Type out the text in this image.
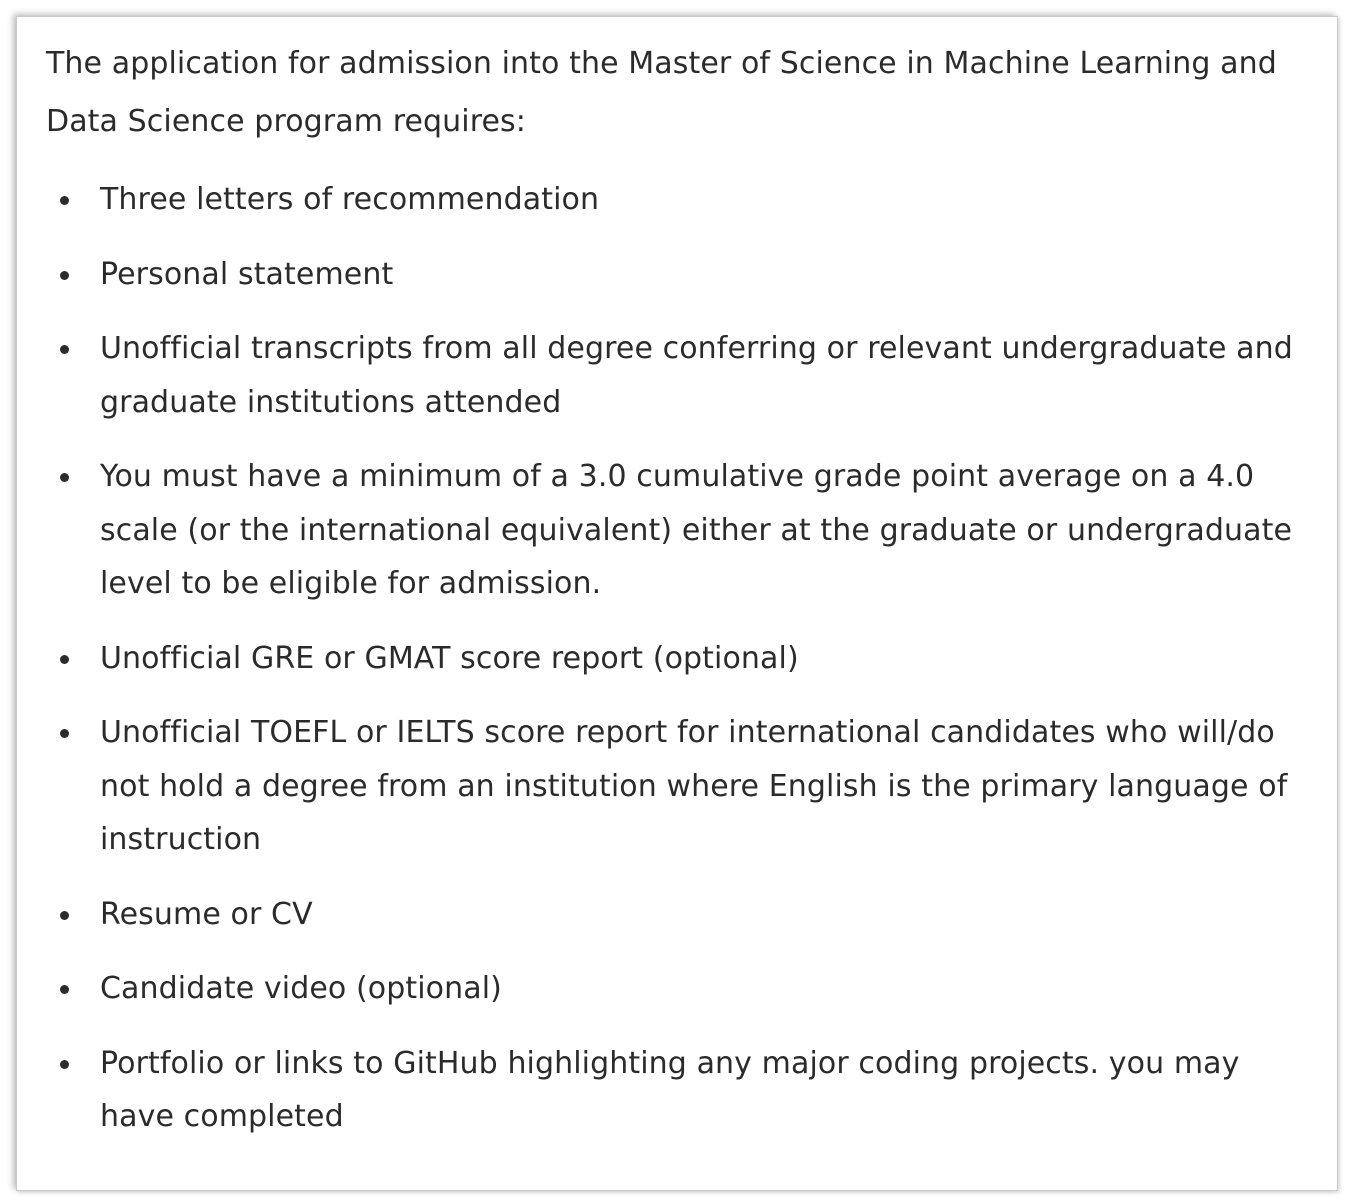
The application for admission into the Master of Science in Machine Learning and Data Science program requires:

Three letters of recommendation
Personal statement
Unofficial transcripts from all degree conferring or relevant undergraduate and graduate institutions attended
You must have a minimum of a 3.0 cumulative grade point average on a 4.0 scale (or the international equivalent) either at the graduate or undergraduate level to be eligible for admission.
Unofficial GRE or GMAT score report (optional)
Unofficial TOEFL or IELTS score report for international candidates who will/do not hold a degree from an institution where English is the primary language of instruction
Resume or CV
Candidate video (optional)
Portfolio or links to GitHub highlighting any major coding projects. you may have completed
